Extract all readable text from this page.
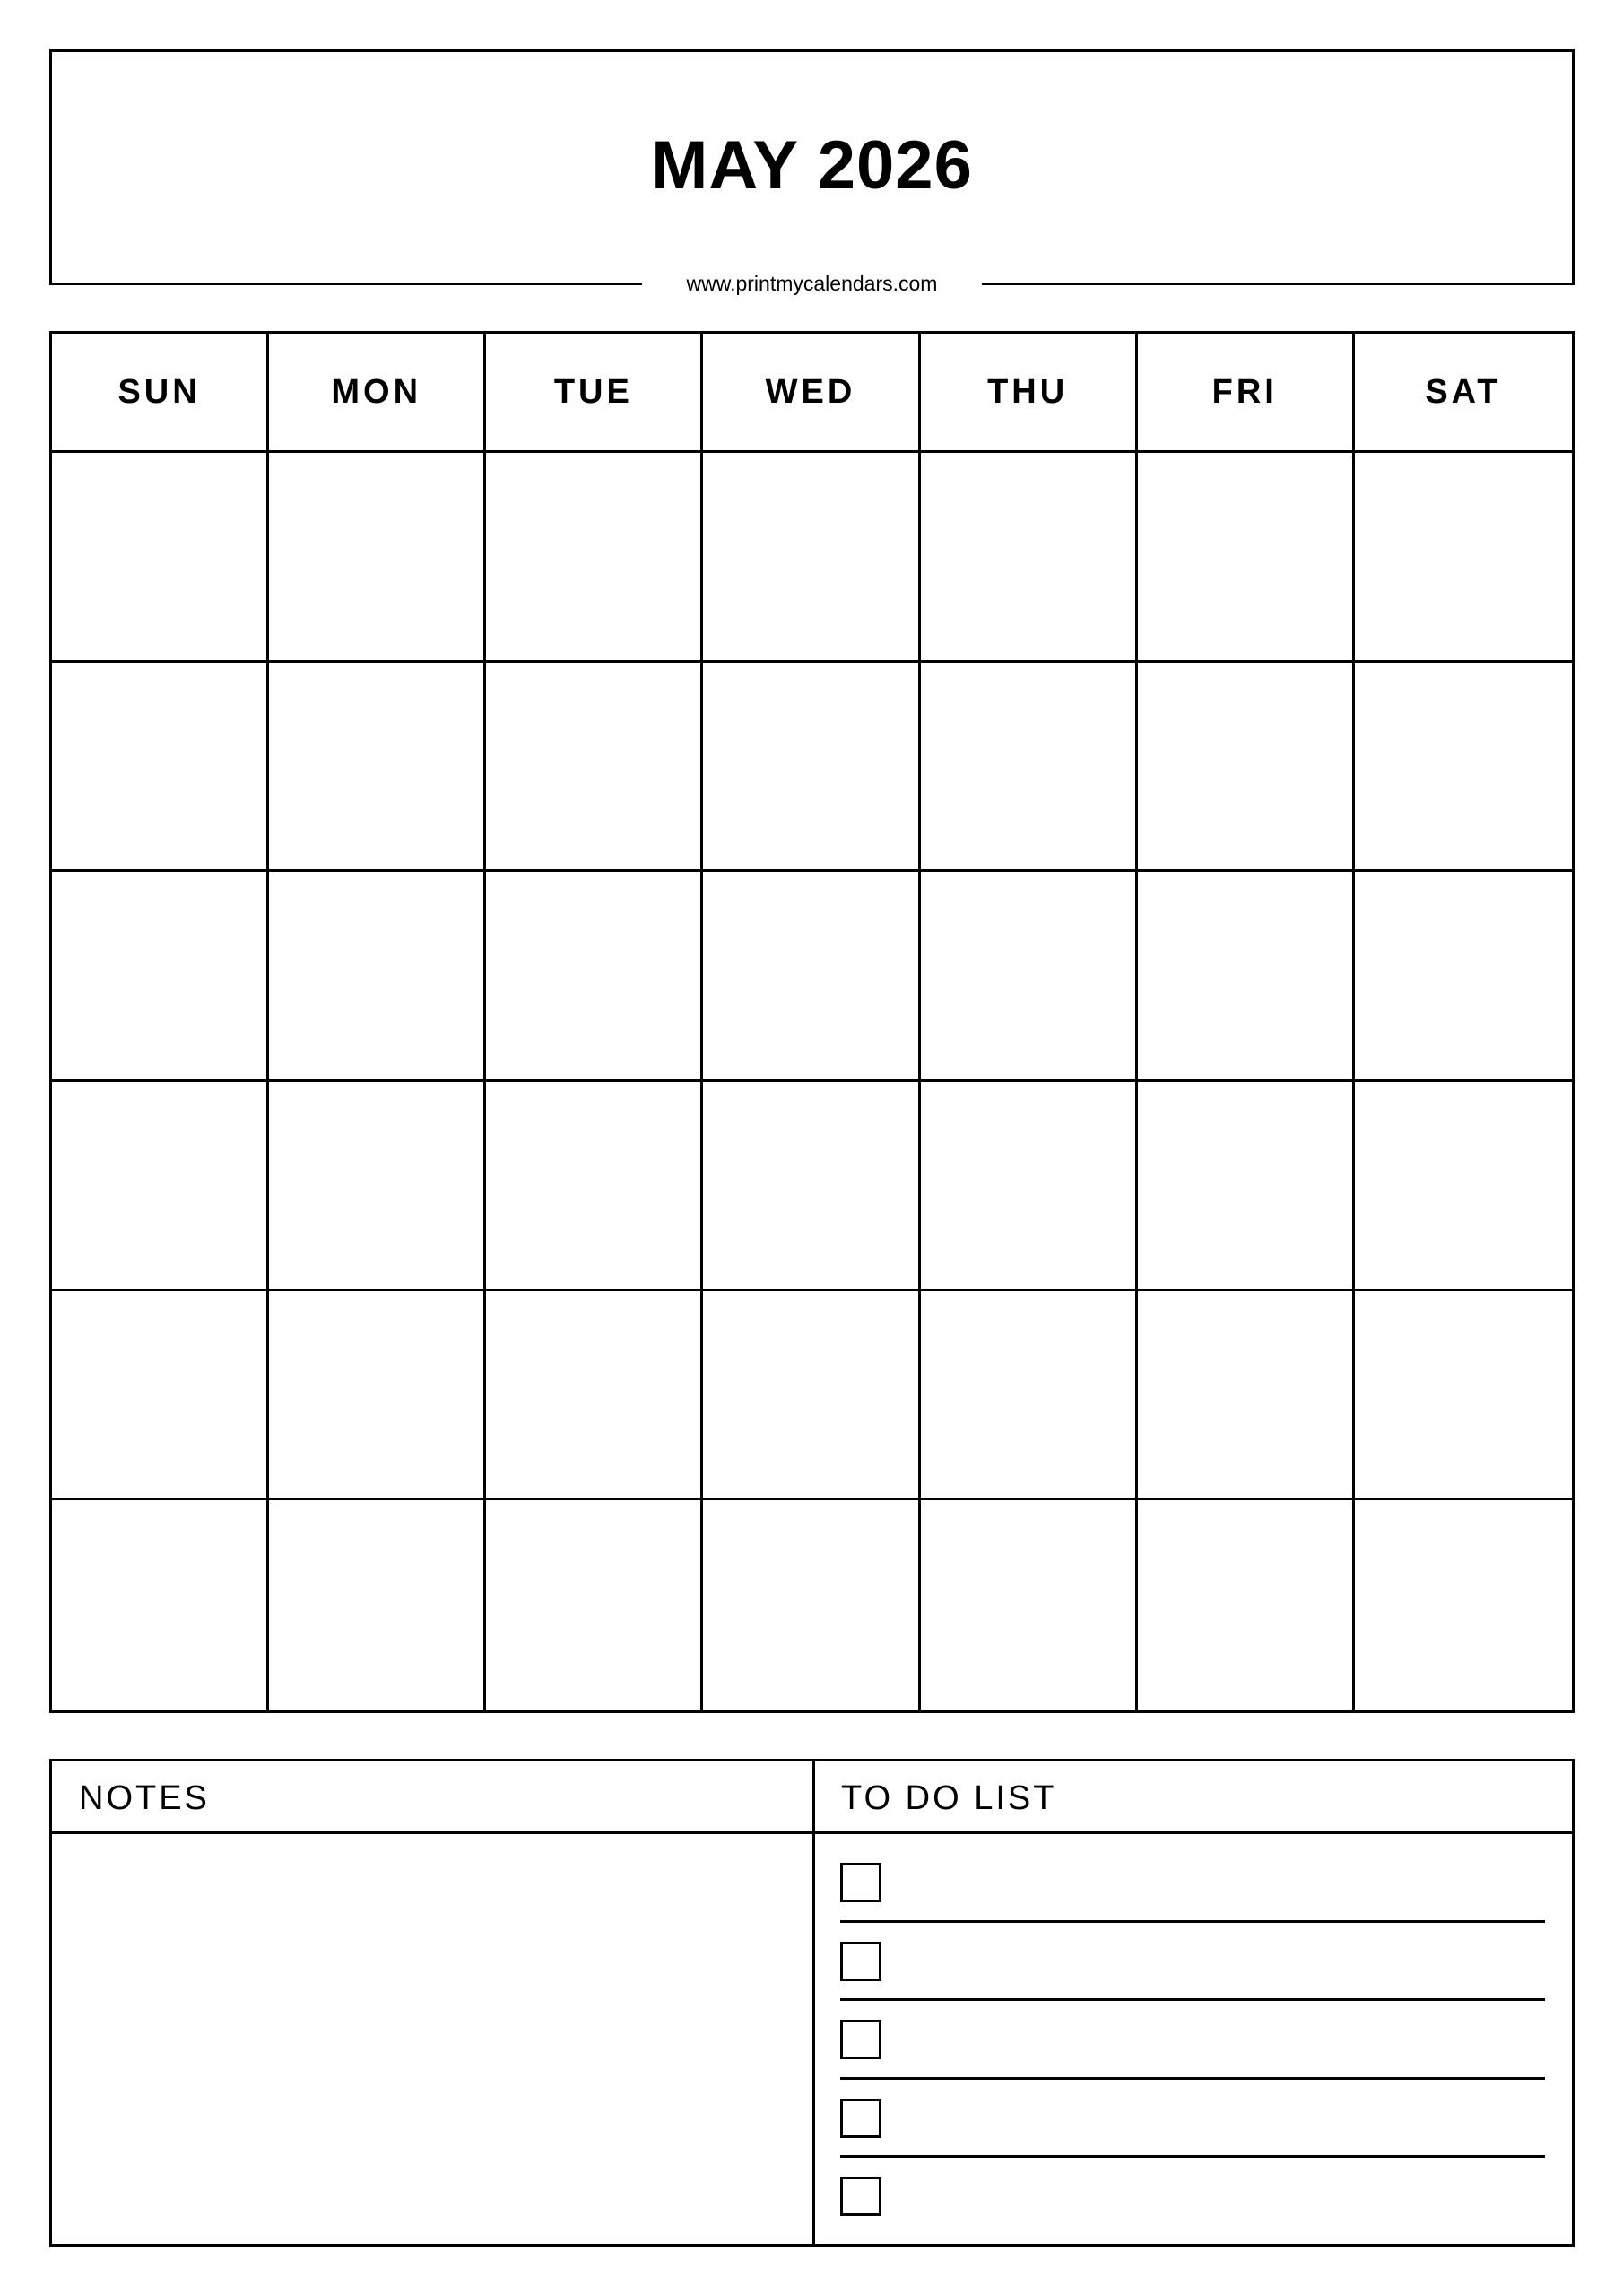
MAY 2026
www.printmycalendars.com
SUN	MON	TUE	WED	THU	FRI	SAT
NOTES	TO DO LIST
